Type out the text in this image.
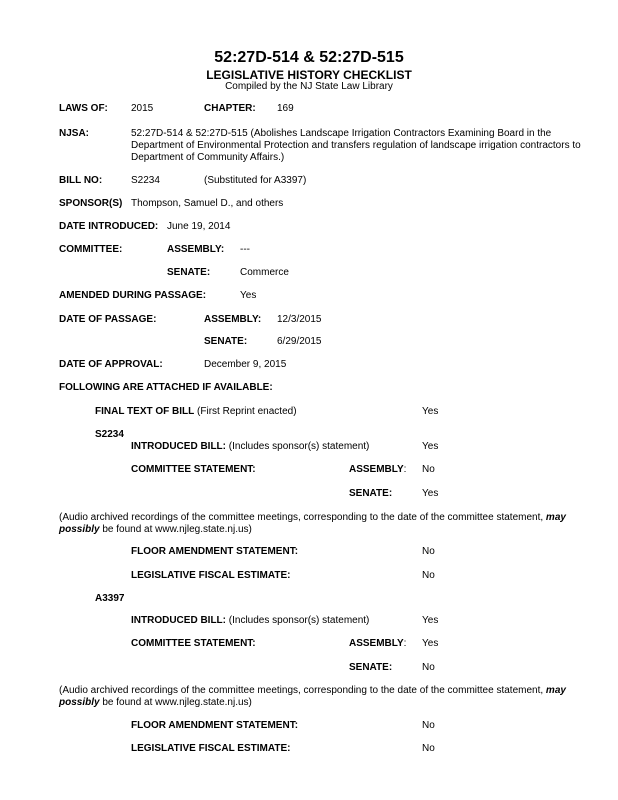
52:27D-514 & 52:27D-515
LEGISLATIVE HISTORY CHECKLIST
Compiled by the NJ State Law Library
LAWS OF: 2015	CHAPTER: 169
NJSA:	52:27D-514 & 52:27D-515 (Abolishes Landscape Irrigation Contractors Examining Board in the Department of Environmental Protection and transfers regulation of landscape irrigation contractors to Department of Community Affairs.)
BILL NO:	S2234	(Substituted for A3397)
SPONSOR(S) Thompson, Samuel D., and others
DATE INTRODUCED: June 19, 2014
COMMITTEE:	ASSEMBLY: ---
SENATE:	Commerce
AMENDED DURING PASSAGE:	Yes
DATE OF PASSAGE:	ASSEMBLY: 12/3/2015
SENATE:	6/29/2015
DATE OF APPROVAL:	December 9, 2015
FOLLOWING ARE ATTACHED IF AVAILABLE:
FINAL TEXT OF BILL (First Reprint enacted)	Yes
S2234
INTRODUCED BILL: (Includes sponsor(s) statement)	Yes
COMMITTEE STATEMENT:	ASSEMBLY: No
SENATE:	Yes
(Audio archived recordings of the committee meetings, corresponding to the date of the committee statement, may possibly be found at www.njleg.state.nj.us)
FLOOR AMENDMENT STATEMENT:	No
LEGISLATIVE FISCAL ESTIMATE:	No
A3397
INTRODUCED BILL: (Includes sponsor(s) statement)	Yes
COMMITTEE STATEMENT:	ASSEMBLY: Yes
SENATE:	No
(Audio archived recordings of the committee meetings, corresponding to the date of the committee statement, may possibly be found at www.njleg.state.nj.us)
FLOOR AMENDMENT STATEMENT:	No
LEGISLATIVE FISCAL ESTIMATE:	No
